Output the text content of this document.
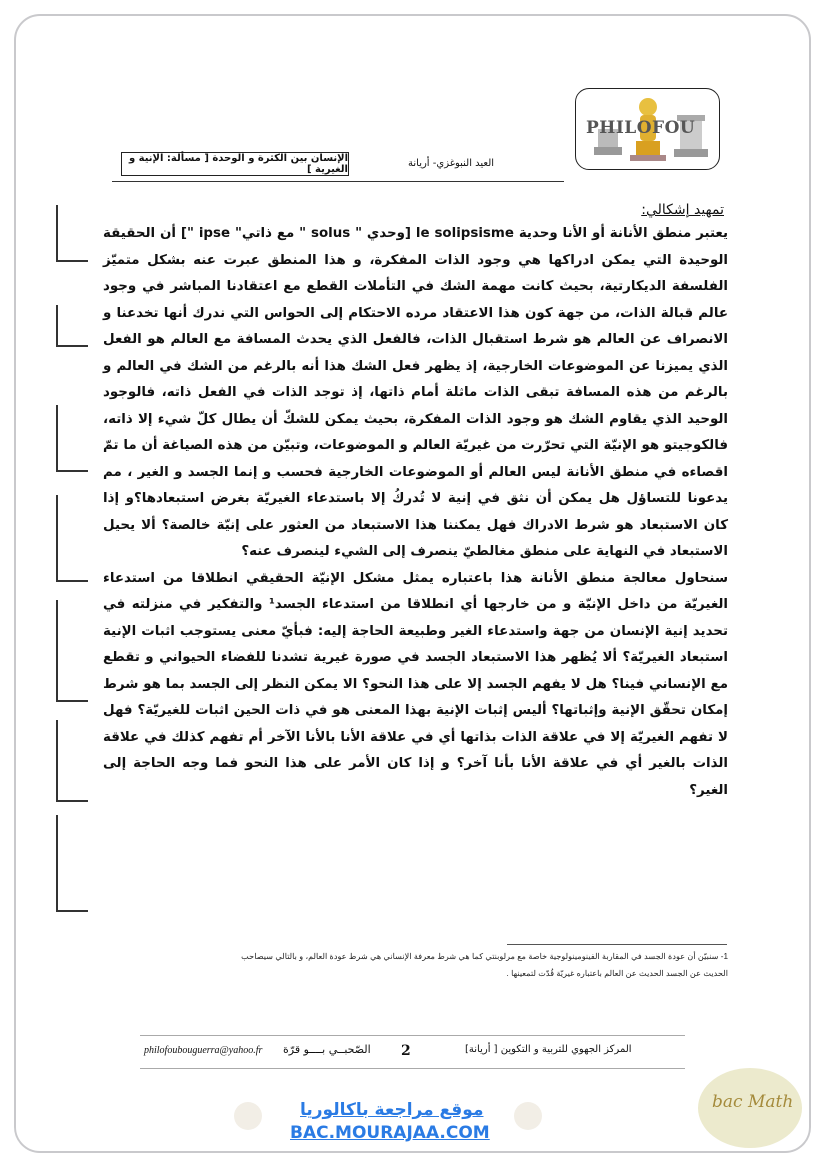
PHILOFOU
الإنسان بين الكثرة و الوحدة [ مسألة: الإنية و الغيرية ]
العيد النبوغزي- أريانة
تمهيد إشكالي:

يعتبر منطق الأنانة أو الأنا وحدية le solipsisme [وحدي " solus " مع ذاتي" ipse "] أن الحقيقة الوحيدة التي يمكن ادراكها هي وجود الذات المفكرة، و هذا المنطق عبرت عنه بشكل متميّز الفلسفة الديكارتية، بحيث كانت مهمة الشك في التأملات القطع مع اعتقادنا المباشر في وجود عالم قبالة الذات، من جهة كون هذا الاعتقاد مرده الاحتكام إلى الحواس التي ندرك أنها تخدعنا و الانصراف عن العالم هو شرط استقبال الذات، فالفعل الذي يحدث المسافة مع العالم هو الفعل الذي يميزنا عن الموضوعات الخارجية، إذ يظهر فعل الشك هذا أنه بالرغم من الشك في العالم و بالرغم من هذه المسافة تبقى الذات ماثلة أمام ذاتها، إذ توجد الذات في الفعل ذاته، فالوجود الوحيد الذي يقاوم الشك هو وجود الذات المفكرة، بحيث يمكن للشكّ أن يطال كلّ شيء إلا ذاته، فالكوجيتو هو الإنيّة التي تحرّرت من غيريّة العالم و الموضوعات، وتبيّن من هذه الصياغة أن ما تمّ اقصاءه في منطق الأنانة ليس العالم أو الموضوعات الخارجية فحسب و إنما الجسد و الغير ، مم يدعونا للتساؤل هل يمكن أن نثق في إنية لا تُدركُ إلا باستدعاء الغيريّة بغرض استبعادها؟و إذا كان الاستبعاد هو شرط الادراك فهل يمكننا هذا الاستبعاد من العثور على إنيّة خالصة؟ ألا يحيل الاستبعاد في النهاية على منطق مغالطيّ ينصرف إلى الشيء لينصرف عنه؟

سنحاول معالجة منطق الأنانة هذا باعتباره يمثل مشكل الإنيّة الحقيقي انطلاقا من استدعاء الغيريّة من داخل الإنيّة و من خارجها أي انطلاقا من استدعاء الجسد¹ والتفكير في منزلته في تحديد إنية الإنسان من جهة واستدعاء الغير وطبيعة الحاجة إليه: فبأيّ معنى يستوجب اثبات الإنية استبعاد الغيريّة؟ ألا يُظهر هذا الاستبعاد الجسد في صورة غيرية تشدنا للفضاء الحيواني و تقطع مع الإنساني فينا؟ هل لا يفهم الجسد إلا على هذا النحو؟ الا يمكن النظر إلى الجسد بما هو شرط إمكان تحقّق الإنية وإثباتها؟ أليس إثبات الإنية بهذا المعنى هو في ذات الحين اثبات للغيريّة؟ فهل لا تفهم الغيريّة إلا في علاقة الذات بذاتها أي في علاقة الأنا بالأنا الآخر أم تفهم كذلك في علاقة الذات بالغير أي في علاقة الأنا بأنا آخر؟ و إذا كان الأمر على هذا النحو فما وجه الحاجة إلى الغير؟

1- سنبيّن أن عودة الجسد في المقاربة الفينومينولوجية خاصة مع مرلوبنتي كما هي شرط معرفة الإنساني هي شرط عودة العالم، و بالتالي سيصاحب الحديث عن الجسد الحديث عن العالم باعتباره غيريّة قُدّت لتمعينها .
philofoubouguerra@yahoo.fr الصّحبــي بــــو قرّة 2	المركز الجهوي للتربية و التكوين [ أريانة]
موقع مراجعة باكالوريا
BAC.MOURAJAA.COM
bac Math
